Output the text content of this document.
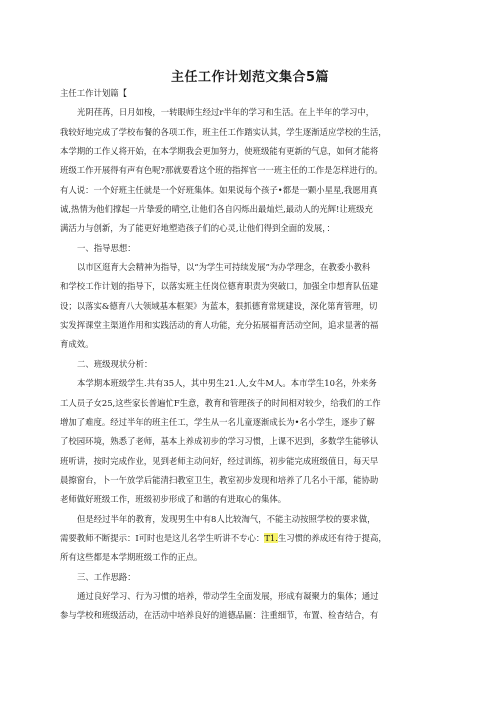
主任工作计划范文集合5篇
主任工作计划篇【
光阴荏苒，日月如梭，一转眼师生经过r半年的学习和生活。在上半年的学习中，
我较好地完成了学校布餐的各项工作，班主任工作踏实认其，学生逐渐适应学校的生活，
本学期的工作乂将开始，在本学期我会更加努力，使班级能有更新的气息，如何才能将
班级工作开展得有声有色呢?那就要看这个班的指挥官一一班主任的工作是怎样进行的。
有人说：一个好班主任就是一个好班集体。如果说每个孩子•都是一颗小星星,我愿用真
诚,热情为他们撑起一片挚爱的晴空,让他们各自闪烁出最灿烂,最动人的光辉!让班级充
满活力与创新，为了能更好地塑造孩子们的心灵,让他们得到全面的发展，：
一、指导思想：
以市区逛育大会精神为指导，以“为学生可持续发展”为办学理念，在教委小教科
和学校工作计划的指导下，以落实班主任岗位德育职责为突破口，加强全巾想育队伍建
设；以落实&德育八大领域基本框架》为蓝本，狠抓德育常规建设，深化第育管理，切
实发挥课堂主渠道作用和实践活动的育人功能，充分拓展福育活动空间，追求显著的福
育成效。
二、班级现状分析：
本学期本班级学生.共有35人，其中男生21.人,女牛M人。本市学生10名，外来务
工人员子女25,这些家长普遍忙F生意，教育和管理孩子的时间相对较少，给我们的工作
增加了难度。经过半年的班主任工，学生从一名儿童逐渐成长为•名小学生，逐步了解
了校园环境，熟悉了老师，基本上养成初步的学习习惯，上课不迟到，多数学生能够认
班听讲，按时完成作业，见到老师主动问好，经过训练，初步能完成班级值日，每天早
晨擦窗台，卜一午放学后能清扫教室卫生，教室初步发现和培养了几名小干部，能协助
老师做好班级工作，班级初步形成了和谐的有进取心的集体。
但是经过半年的教育，发现男生中有8人比较淘气，不能主动按照学校的要求做，
需要教师不断提示：I可时也是这儿名学生听讲不专心：T1.生习惯的养成还有待于提高，
所有这些都是本学期班级工作的正点。
三、工作思路：
通过良好学习、行为习惯的培养，带动学生全面发展，形成有凝聚力的集体；通过
参与学校和班级活动，在活动中培养良好的道德品匾：注重细节，布置、检杳结合，有
